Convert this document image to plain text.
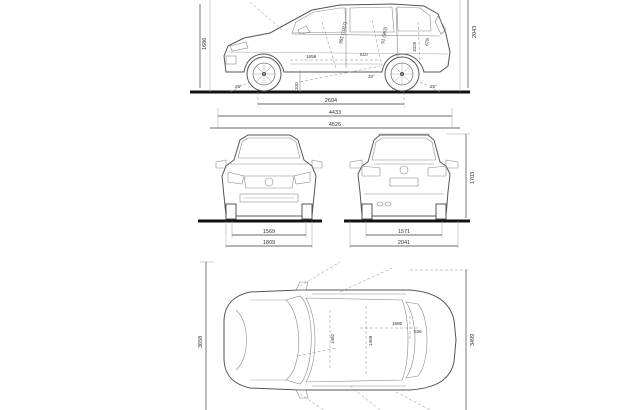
1686
2043
200
1658
992 (1007)	91 (963)
1025
610
678
26°
20°
25°
2604
4433
4526
1569
1809
1703
1571
2041
3658	3499
1482	1459
1680
936
